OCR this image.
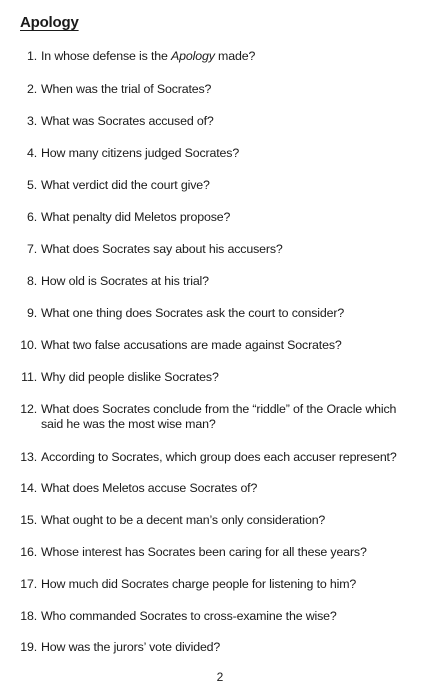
Apology
1. In whose defense is the Apology made?
2. When was the trial of Socrates?
3. What was Socrates accused of?
4. How many citizens judged Socrates?
5. What verdict did the court give?
6. What penalty did Meletos propose?
7. What does Socrates say about his accusers?
8. How old is Socrates at his trial?
9. What one thing does Socrates ask the court to consider?
10. What two false accusations are made against Socrates?
11. Why did people dislike Socrates?
12. What does Socrates conclude from the “riddle” of the Oracle which said he was the most wise man?
13. According to Socrates, which group does each accuser represent?
14. What does Meletos accuse Socrates of?
15. What ought to be a decent man’s only consideration?
16. Whose interest has Socrates been caring for all these years?
17. How much did Socrates charge people for listening to him?
18. Who commanded Socrates to cross-examine the wise?
19. How was the jurors’ vote divided?
2
